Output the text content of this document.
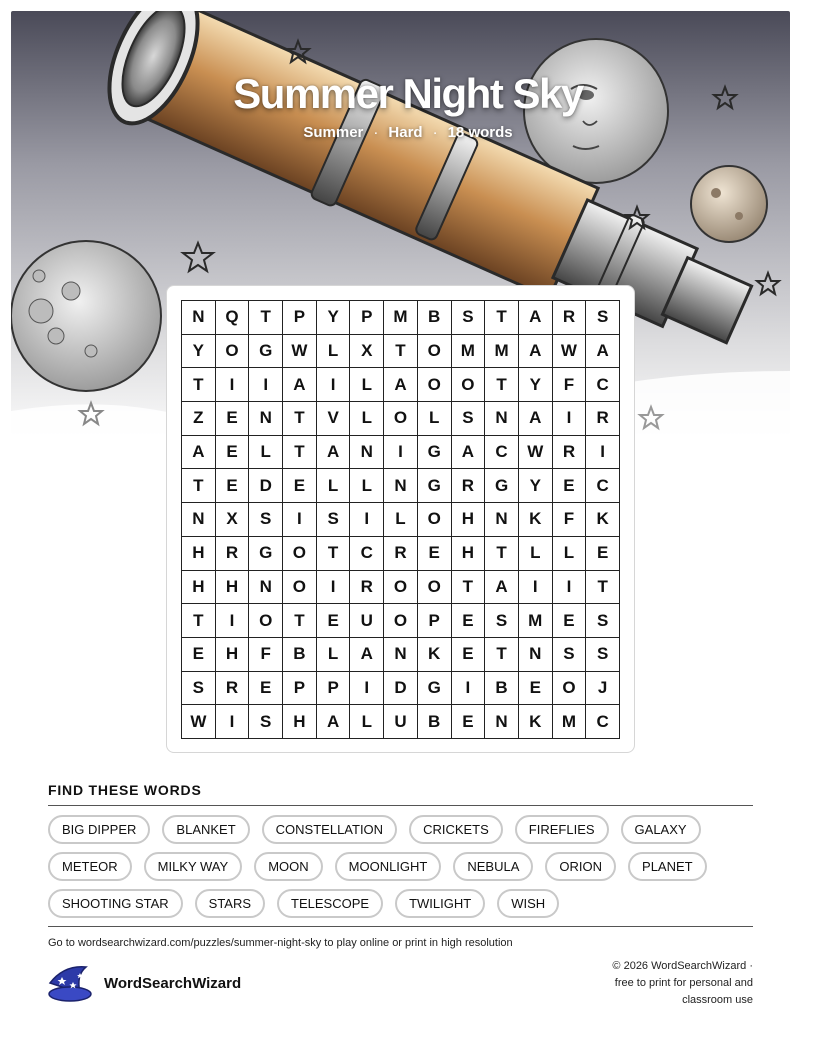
Summer Night Sky
Summer · Hard · 18 words
N	Q	T	P	Y	P	M	B	S	T	A	R	S
Y	O	G	W	L	X	T	O	M	M	A	W	A
T	I	I	A	I	L	A	O	O	T	Y	F	C
Z	E	N	T	V	L	O	L	S	N	A	I	R
A	E	L	T	A	N	I	G	A	C	W	R	I
T	E	D	E	L	L	N	G	R	G	Y	E	C
N	X	S	I	S	I	L	O	H	N	K	F	K
H	R	G	O	T	C	R	E	H	T	L	L	E
H	H	N	O	I	R	O	O	T	A	I	I	T
T	I	O	T	E	U	O	P	E	S	M	E	S
E	H	F	B	L	A	N	K	E	T	N	S	S
S	R	E	P	P	I	D	G	I	B	E	O	J
W	I	S	H	A	L	U	B	E	N	K	M	C
FIND THESE WORDS
BIG DIPPER	BLANKET	CONSTELLATION	CRICKETS	FIREFLIES	GALAXY
METEOR	MILKY WAY	MOON	MOONLIGHT	NEBULA	ORION	PLANET
SHOOTING STAR	STARS	TELESCOPE	TWILIGHT	WISH
Go to wordsearchwizard.com/puzzles/summer-night-sky to play online or print in high resolution
WordSearchWizard
© 2026 WordSearchWizard ·
free to print for personal and
classroom use
